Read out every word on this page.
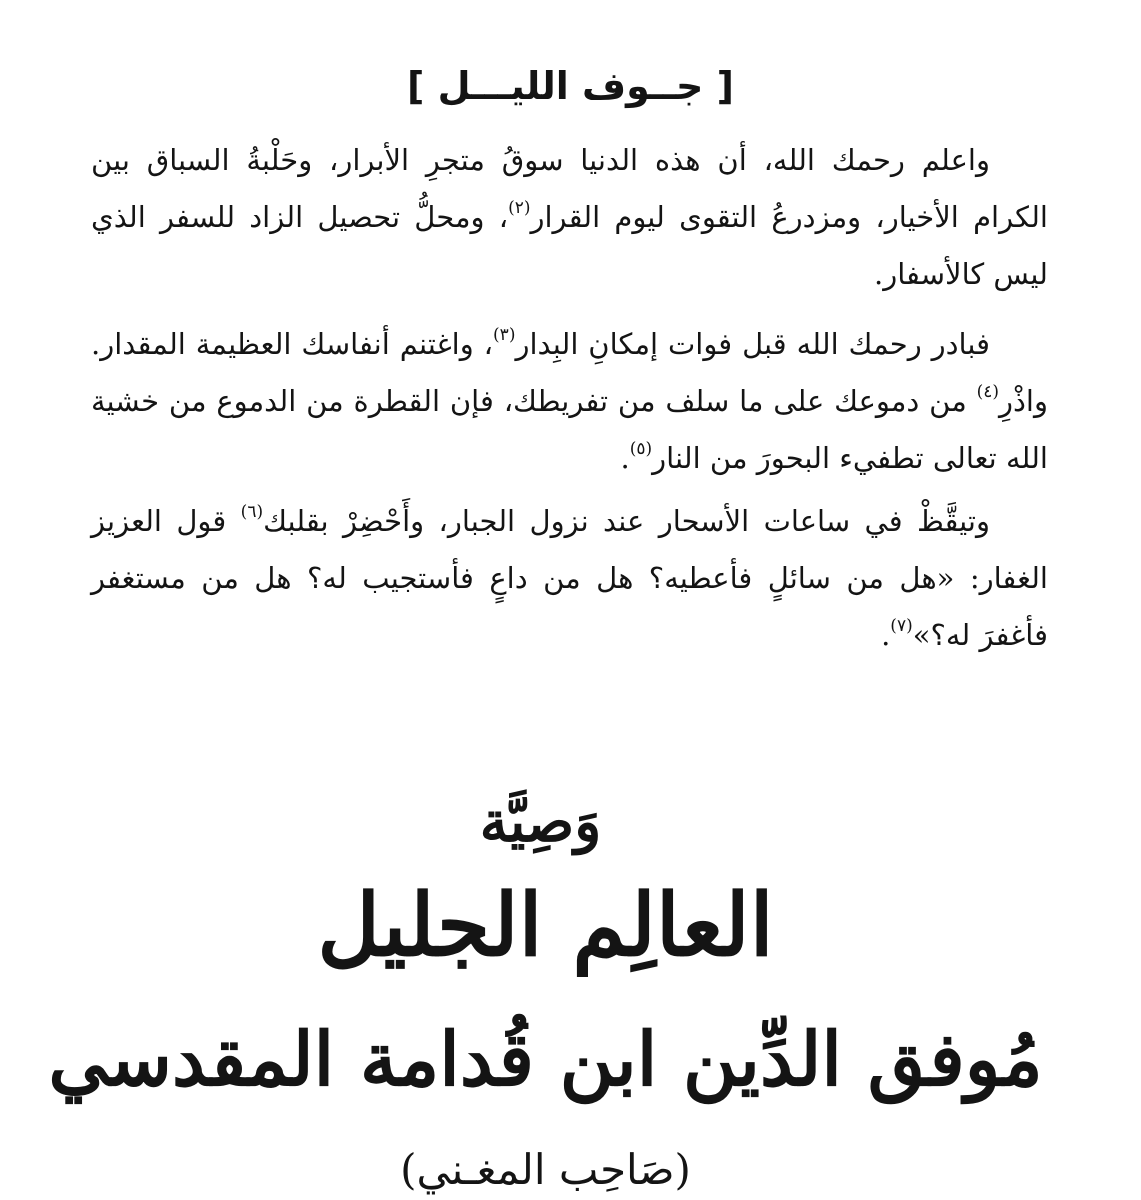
[ جــوف الليـــل ]

واعلم رحمك الله، أن هذه الدنيا سوقُ متجرِ الأبرار، وحَلْبةُ السباق بين الكرام الأخيار، ومزدرعُ التقوى ليوم القرار$^{(٢)}$، ومحلُّ تحصيل الزاد للسفر الذي ليس كالأسفار.

فبادر رحمك الله قبل فوات إمكانِ البِدار$^{(٣)}$، واغتنم أنفاسك العظيمة المقدار. واذْرِ$^{(٤)}$ من دموعك على ما سلف من تفريطك، فإن القطرة من الدموع من خشية الله تعالى تطفيء البحورَ من النار$^{(٥)}$.

وتيقَّظْ في ساعات الأسحار عند نزول الجبار، وأَحْضِرْ بقلبك$^{(٦)}$ قول العزيز الغفار: «هل من سائلٍ فأعطيه؟ هل من داعٍ فأستجيب له؟ هل من مستغفر فأغفرَ له؟»$^{(٧)}$.

وَصِيَّة
العالِم الجليل
مُوفق الدِّين ابن قُدامة المقدسي
(صَاحِب المغـني)
